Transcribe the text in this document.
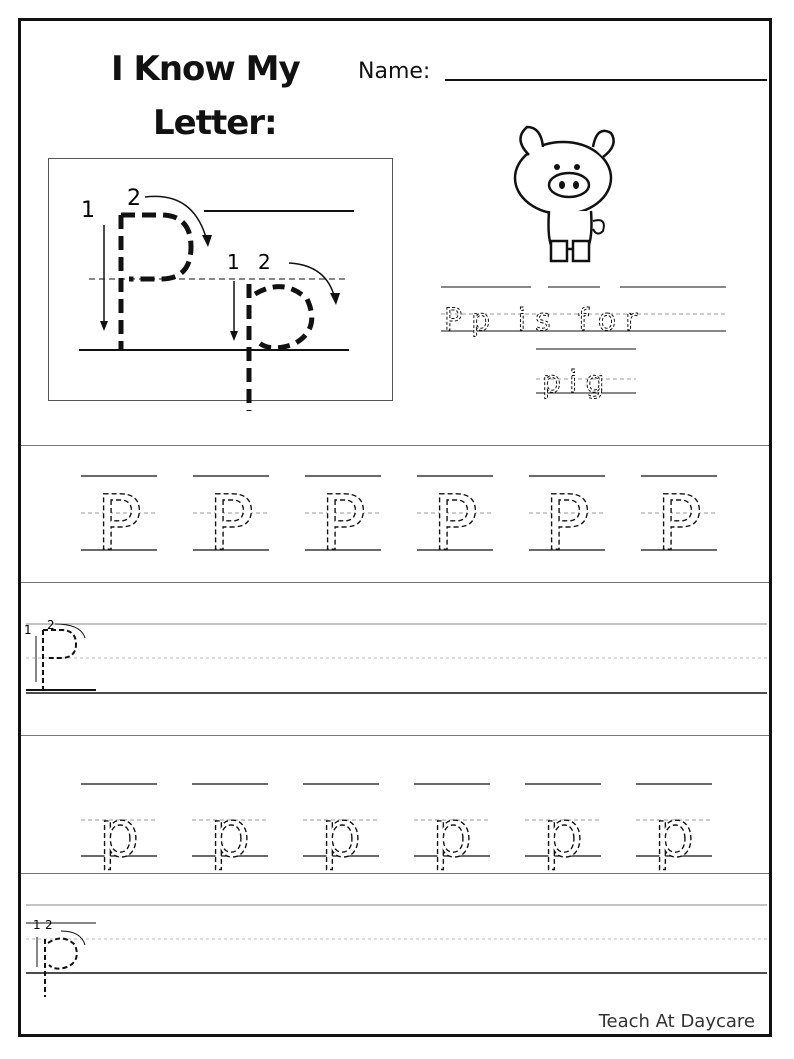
I Know My
Letter:
Name:
1 2
1 2
Pp is for
pig
P P P P P P
1 2
p p p p p p
1 2
Teach At Daycare
